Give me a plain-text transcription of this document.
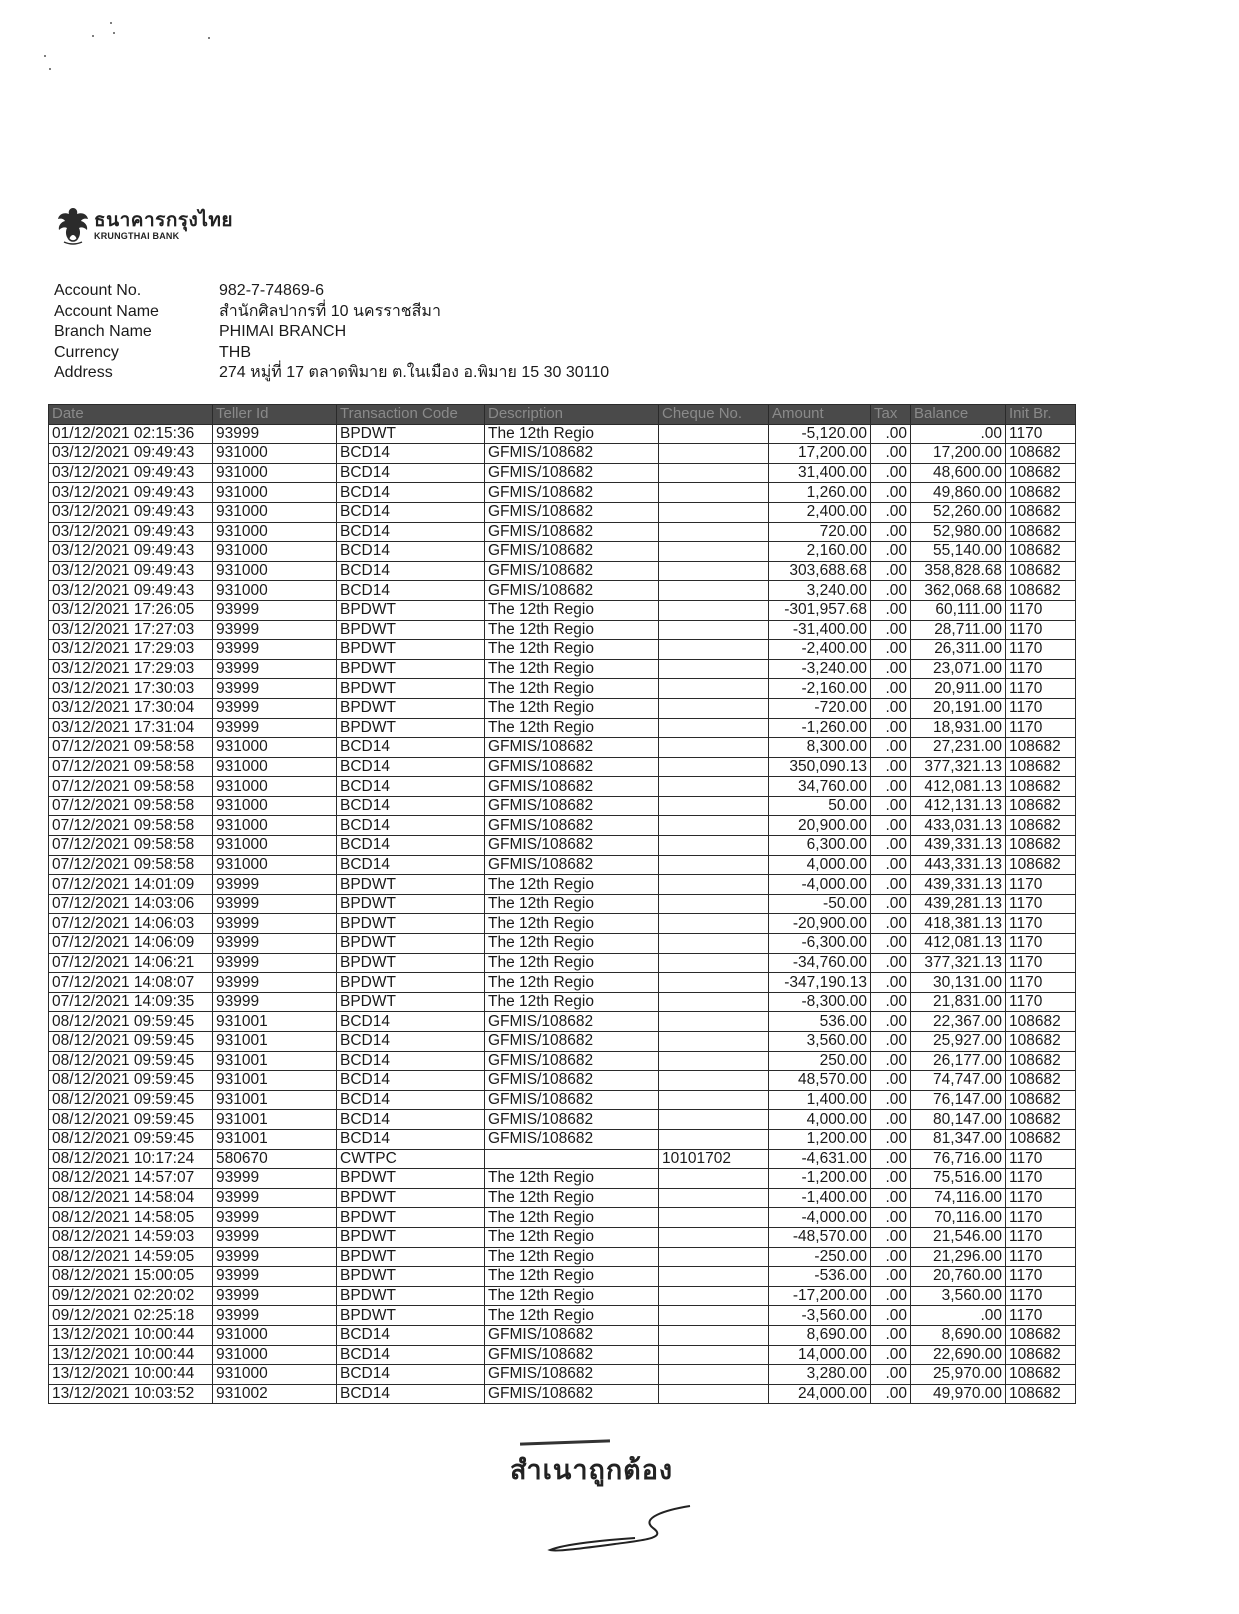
ธนาคารกรุงไทย
KRUNGTHAI BANK
Account No.	982-7-74869-6
Account Name	สำนักศิลปากรที่ 10 นครราชสีมา
Branch Name	PHIMAI BRANCH
Currency	THB
Address	274 หมู่ที่ 17 ตลาดพิมาย ต.ในเมือง อ.พิมาย 15 30 30110
Date	Teller Id	Transaction Code	Description	Cheque No.	Amount	Tax	Balance	Init Br.
01/12/2021 02:15:36	93999	BPDWT	The 12th Regio		-5,120.00	.00	.00	1170
03/12/2021 09:49:43	931000	BCD14	GFMIS/108682		17,200.00	.00	17,200.00	108682
03/12/2021 09:49:43	931000	BCD14	GFMIS/108682		31,400.00	.00	48,600.00	108682
03/12/2021 09:49:43	931000	BCD14	GFMIS/108682		1,260.00	.00	49,860.00	108682
03/12/2021 09:49:43	931000	BCD14	GFMIS/108682		2,400.00	.00	52,260.00	108682
03/12/2021 09:49:43	931000	BCD14	GFMIS/108682		720.00	.00	52,980.00	108682
03/12/2021 09:49:43	931000	BCD14	GFMIS/108682		2,160.00	.00	55,140.00	108682
03/12/2021 09:49:43	931000	BCD14	GFMIS/108682		303,688.68	.00	358,828.68	108682
03/12/2021 09:49:43	931000	BCD14	GFMIS/108682		3,240.00	.00	362,068.68	108682
03/12/2021 17:26:05	93999	BPDWT	The 12th Regio		-301,957.68	.00	60,111.00	1170
03/12/2021 17:27:03	93999	BPDWT	The 12th Regio		-31,400.00	.00	28,711.00	1170
03/12/2021 17:29:03	93999	BPDWT	The 12th Regio		-2,400.00	.00	26,311.00	1170
03/12/2021 17:29:03	93999	BPDWT	The 12th Regio		-3,240.00	.00	23,071.00	1170
03/12/2021 17:30:03	93999	BPDWT	The 12th Regio		-2,160.00	.00	20,911.00	1170
03/12/2021 17:30:04	93999	BPDWT	The 12th Regio		-720.00	.00	20,191.00	1170
03/12/2021 17:31:04	93999	BPDWT	The 12th Regio		-1,260.00	.00	18,931.00	1170
07/12/2021 09:58:58	931000	BCD14	GFMIS/108682		8,300.00	.00	27,231.00	108682
07/12/2021 09:58:58	931000	BCD14	GFMIS/108682		350,090.13	.00	377,321.13	108682
07/12/2021 09:58:58	931000	BCD14	GFMIS/108682		34,760.00	.00	412,081.13	108682
07/12/2021 09:58:58	931000	BCD14	GFMIS/108682		50.00	.00	412,131.13	108682
07/12/2021 09:58:58	931000	BCD14	GFMIS/108682		20,900.00	.00	433,031.13	108682
07/12/2021 09:58:58	931000	BCD14	GFMIS/108682		6,300.00	.00	439,331.13	108682
07/12/2021 09:58:58	931000	BCD14	GFMIS/108682		4,000.00	.00	443,331.13	108682
07/12/2021 14:01:09	93999	BPDWT	The 12th Regio		-4,000.00	.00	439,331.13	1170
07/12/2021 14:03:06	93999	BPDWT	The 12th Regio		-50.00	.00	439,281.13	1170
07/12/2021 14:06:03	93999	BPDWT	The 12th Regio		-20,900.00	.00	418,381.13	1170
07/12/2021 14:06:09	93999	BPDWT	The 12th Regio		-6,300.00	.00	412,081.13	1170
07/12/2021 14:06:21	93999	BPDWT	The 12th Regio		-34,760.00	.00	377,321.13	1170
07/12/2021 14:08:07	93999	BPDWT	The 12th Regio		-347,190.13	.00	30,131.00	1170
07/12/2021 14:09:35	93999	BPDWT	The 12th Regio		-8,300.00	.00	21,831.00	1170
08/12/2021 09:59:45	931001	BCD14	GFMIS/108682		536.00	.00	22,367.00	108682
08/12/2021 09:59:45	931001	BCD14	GFMIS/108682		3,560.00	.00	25,927.00	108682
08/12/2021 09:59:45	931001	BCD14	GFMIS/108682		250.00	.00	26,177.00	108682
08/12/2021 09:59:45	931001	BCD14	GFMIS/108682		48,570.00	.00	74,747.00	108682
08/12/2021 09:59:45	931001	BCD14	GFMIS/108682		1,400.00	.00	76,147.00	108682
08/12/2021 09:59:45	931001	BCD14	GFMIS/108682		4,000.00	.00	80,147.00	108682
08/12/2021 09:59:45	931001	BCD14	GFMIS/108682		1,200.00	.00	81,347.00	108682
08/12/2021 10:17:24	580670	CWTPC		10101702	-4,631.00	.00	76,716.00	1170
08/12/2021 14:57:07	93999	BPDWT	The 12th Regio		-1,200.00	.00	75,516.00	1170
08/12/2021 14:58:04	93999	BPDWT	The 12th Regio		-1,400.00	.00	74,116.00	1170
08/12/2021 14:58:05	93999	BPDWT	The 12th Regio		-4,000.00	.00	70,116.00	1170
08/12/2021 14:59:03	93999	BPDWT	The 12th Regio		-48,570.00	.00	21,546.00	1170
08/12/2021 14:59:05	93999	BPDWT	The 12th Regio		-250.00	.00	21,296.00	1170
08/12/2021 15:00:05	93999	BPDWT	The 12th Regio		-536.00	.00	20,760.00	1170
09/12/2021 02:20:02	93999	BPDWT	The 12th Regio		-17,200.00	.00	3,560.00	1170
09/12/2021 02:25:18	93999	BPDWT	The 12th Regio		-3,560.00	.00	.00	1170
13/12/2021 10:00:44	931000	BCD14	GFMIS/108682		8,690.00	.00	8,690.00	108682
13/12/2021 10:00:44	931000	BCD14	GFMIS/108682		14,000.00	.00	22,690.00	108682
13/12/2021 10:00:44	931000	BCD14	GFMIS/108682		3,280.00	.00	25,970.00	108682
13/12/2021 10:03:52	931002	BCD14	GFMIS/108682		24,000.00	.00	49,970.00	108682
สำเนาถูกต้อง
